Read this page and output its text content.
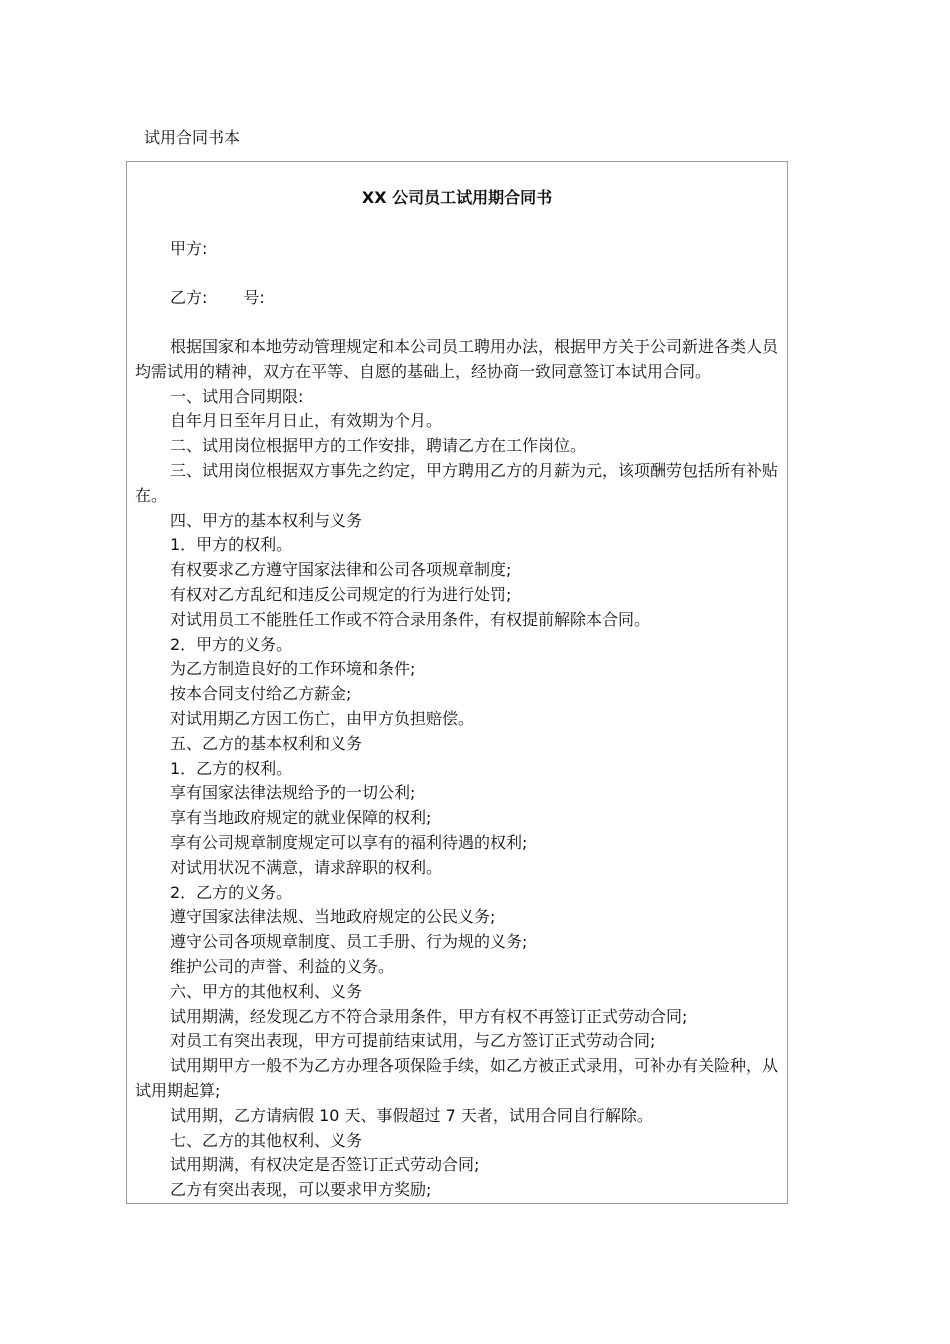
试用合同书本
XX 公司员工试用期合同书
甲方:
乙方: 号:

根据国家和本地劳动管理规定和本公司员工聘用办法，根据甲方关于公司新进各类人员均需试用的精神，双方在平等、自愿的基础上，经协商一致同意签订本试用合同。

一、试用合同期限:

自年月日至年月日止，有效期为个月。

二、试用岗位根据甲方的工作安排，聘请乙方在工作岗位。

三、试用岗位根据双方事先之约定，甲方聘用乙方的月薪为元，该项酬劳包括所有补贴在。

四、甲方的基本权利与义务

1．甲方的权利。

有权要求乙方遵守国家法律和公司各项规章制度;

有权对乙方乱纪和违反公司规定的行为进行处罚;

对试用员工不能胜任工作或不符合录用条件，有权提前解除本合同。

2．甲方的义务。

为乙方制造良好的工作环境和条件;

按本合同支付给乙方薪金;

对试用期乙方因工伤亡，由甲方负担赔偿。

五、乙方的基本权利和义务

1．乙方的权利。

享有国家法律法规给予的一切公利;

享有当地政府规定的就业保障的权利;

享有公司规章制度规定可以享有的福利待遇的权利;

对试用状况不满意，请求辞职的权利。

2．乙方的义务。

遵守国家法律法规、当地政府规定的公民义务;

遵守公司各项规章制度、员工手册、行为规的义务;

维护公司的声誉、利益的义务。

六、甲方的其他权利、义务

试用期满，经发现乙方不符合录用条件，甲方有权不再签订正式劳动合同;

对员工有突出表现，甲方可提前结束试用，与乙方签订正式劳动合同;

试用期甲方一般不为乙方办理各项保险手续，如乙方被正式录用，可补办有关险种，从试用期起算;

试用期，乙方请病假 10 天、事假超过 7 天者，试用合同自行解除。

七、乙方的其他权利、义务

试用期满，有权决定是否签订正式劳动合同;

乙方有突出表现，可以要求甲方奖励;
